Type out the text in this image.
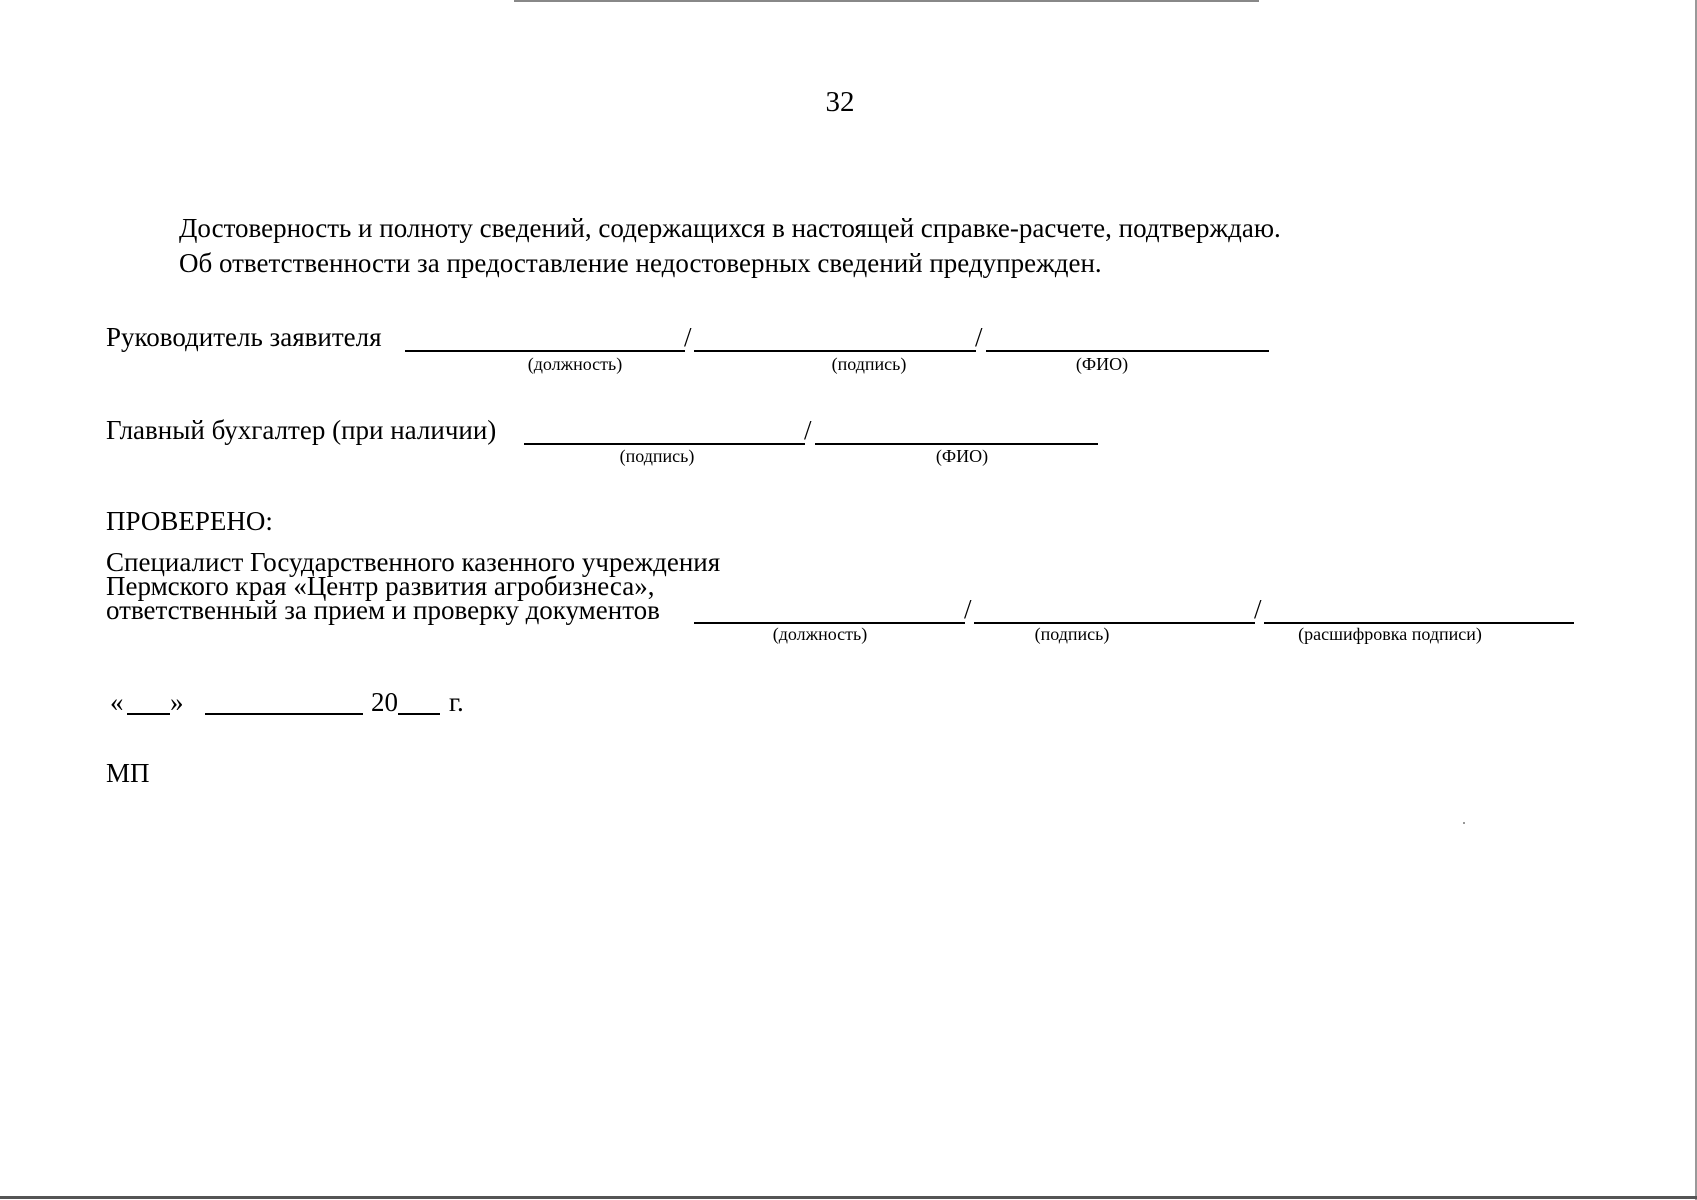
32
Достоверность и полноту сведений, содержащихся в настоящей справке-расчете, подтверждаю.
Об ответственности за предоставление недостоверных сведений предупрежден.
Руководитель заявителя	/	/
(должность)	(подпись)	(ФИО)
Главный бухгалтер (при наличии)	/
(подпись)	(ФИО)
ПРОВЕРЕНО:
Специалист Государственного казенного учреждения
Пермского края «Центр развития агробизнеса»,
ответственный за прием и проверку документов	/	/
(должность)	(подпись)	(расшифровка подписи)
« »	20 г.
МП
